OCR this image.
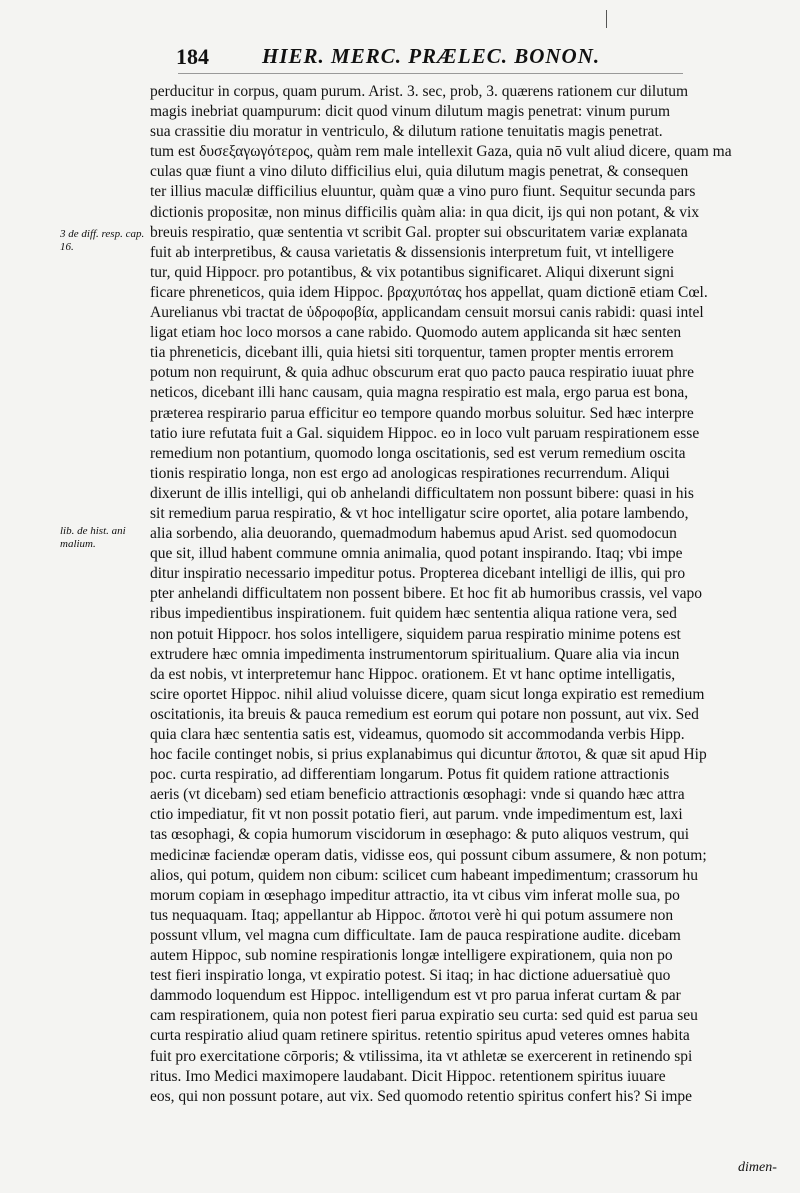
184	HIER. MERC. PRÆLEC. BONON.
3 de diff. resp. cap. 16.
lib. de hist. ani malium.
perducitur in corpus, quam purum. Arist. 3. sec, prob, 3. quærens rationem cur dilutum
magis inebriat quampurum: dicit quod vinum dilutum magis penetrat: vinum purum
sua crassitie diu moratur in ventriculo, & dilutum ratione tenuitatis magis penetrat.
tum est δυσεξαγωγότερος, quàm rem male intellexit Gaza, quia nō vult aliud dicere, quam ma
culas quæ fiunt a vino diluto difficilius elui, quia dilutum magis penetrat, & consequen
ter illius maculæ difficilius eluuntur, quàm quæ a vino puro fiunt. Sequitur secunda pars
dictionis propositæ, non minus difficilis quàm alia: in qua dicit, ijs qui non potant, & vix
breuis respiratio, quæ sententia vt scribit Gal. propter sui obscuritatem variæ explanata
fuit ab interpretibus, & causa varietatis & dissensionis interpretum fuit, vt intelligere
tur, quid Hippocr. pro potantibus, & vix potantibus significaret. Aliqui dixerunt signi
ficare phreneticos, quia idem Hippoc. βραχυπότας hos appellat, quam dictionē etiam Cœl.
Aurelianus vbi tractat de ὑδροφοβία, applicandam censuit morsui canis rabidi: quasi intel
ligat etiam hoc loco morsos a cane rabido. Quomodo autem applicanda sit hæc senten
tia phreneticis, dicebant illi, quia hietsi siti torquentur, tamen propter mentis errorem
potum non requirunt, & quia adhuc obscurum erat quo pacto pauca respiratio iuuat phre
neticos, dicebant illi hanc causam, quia magna respiratio est mala, ergo parua est bona,
præterea respirario parua efficitur eo tempore quando morbus soluitur. Sed hæc interpre
tatio iure refutata fuit a Gal. siquidem Hippoc. eo in loco vult paruam respirationem esse
remedium non potantium, quomodo longa oscitationis, sed est verum remedium oscita
tionis respiratio longa, non est ergo ad anologicas respirationes recurrendum. Aliqui
dixerunt de illis intelligi, qui ob anhelandi difficultatem non possunt bibere: quasi in his
sit remedium parua respiratio, & vt hoc intelligatur scire oportet, alia potare lambendo,
alia sorbendo, alia deuorando, quemadmodum habemus apud Arist. sed quomodocun
que sit, illud habent commune omnia animalia, quod potant inspirando. Itaq; vbi impe
ditur inspiratio necessario impeditur potus. Propterea dicebant intelligi de illis, qui pro
pter anhelandi difficultatem non possent bibere. Et hoc fit ab humoribus crassis, vel vapo
ribus impedientibus inspirationem. fuit quidem hæc sententia aliqua ratione vera, sed
non potuit Hippocr. hos solos intelligere, siquidem parua respiratio minime potens est
extrudere hæc omnia impedimenta instrumentorum spiritualium. Quare alia via incun
da est nobis, vt interpretemur hanc Hippoc. orationem. Et vt hanc optime intelligatis,
scire oportet Hippoc. nihil aliud voluisse dicere, quam sicut longa expiratio est remedium
oscitationis, ita breuis & pauca remedium est eorum qui potare non possunt, aut vix. Sed
quia clara hæc sententia satis est, videamus, quomodo sit accommodanda verbis Hipp.
hoc facile continget nobis, si prius explanabimus qui dicuntur ἄποτοι, & quæ sit apud Hip
poc. curta respiratio, ad differentiam longarum. Potus fit quidem ratione attractionis
aeris (vt dicebam) sed etiam beneficio attractionis œsophagi: vnde si quando hæc attra
ctio impediatur, fit vt non possit potatio fieri, aut parum. vnde impedimentum est, laxi
tas œsophagi, & copia humorum viscidorum in œsephago: & puto aliquos vestrum, qui
medicinæ faciendæ operam datis, vidisse eos, qui possunt cibum assumere, & non potum;
alios, qui potum, quidem non cibum: scilicet cum habeant impedimentum; crassorum hu
morum copiam in œsephago impeditur attractio, ita vt cibus vim inferat molle sua, po
tus nequaquam. Itaq; appellantur ab Hippoc. ἄποτοι verè hi qui potum assumere non
possunt vllum, vel magna cum difficultate. Iam de pauca respiratione audite. dicebam
autem Hippoc, sub nomine respirationis longæ intelligere expirationem, quia non po
test fieri inspiratio longa, vt expiratio potest. Si itaq; in hac dictione aduersatiuè quo
dammodo loquendum est Hippoc. intelligendum est vt pro parua inferat curtam & par
cam respirationem, quia non potest fieri parua expiratio seu curta: sed quid est parua seu
curta respiratio aliud quam retinere spiritus. retentio spiritus apud veteres omnes habita
fuit pro exercitatione cōrporis; & vtilissima, ita vt athletæ se exercerent in retinendo spi
ritus. Imo Medici maximopere laudabant. Dicit Hippoc. retentionem spiritus iuuare
eos, qui non possunt potare, aut vix. Sed quomodo retentio spiritus confert his? Si impe
dimen-
